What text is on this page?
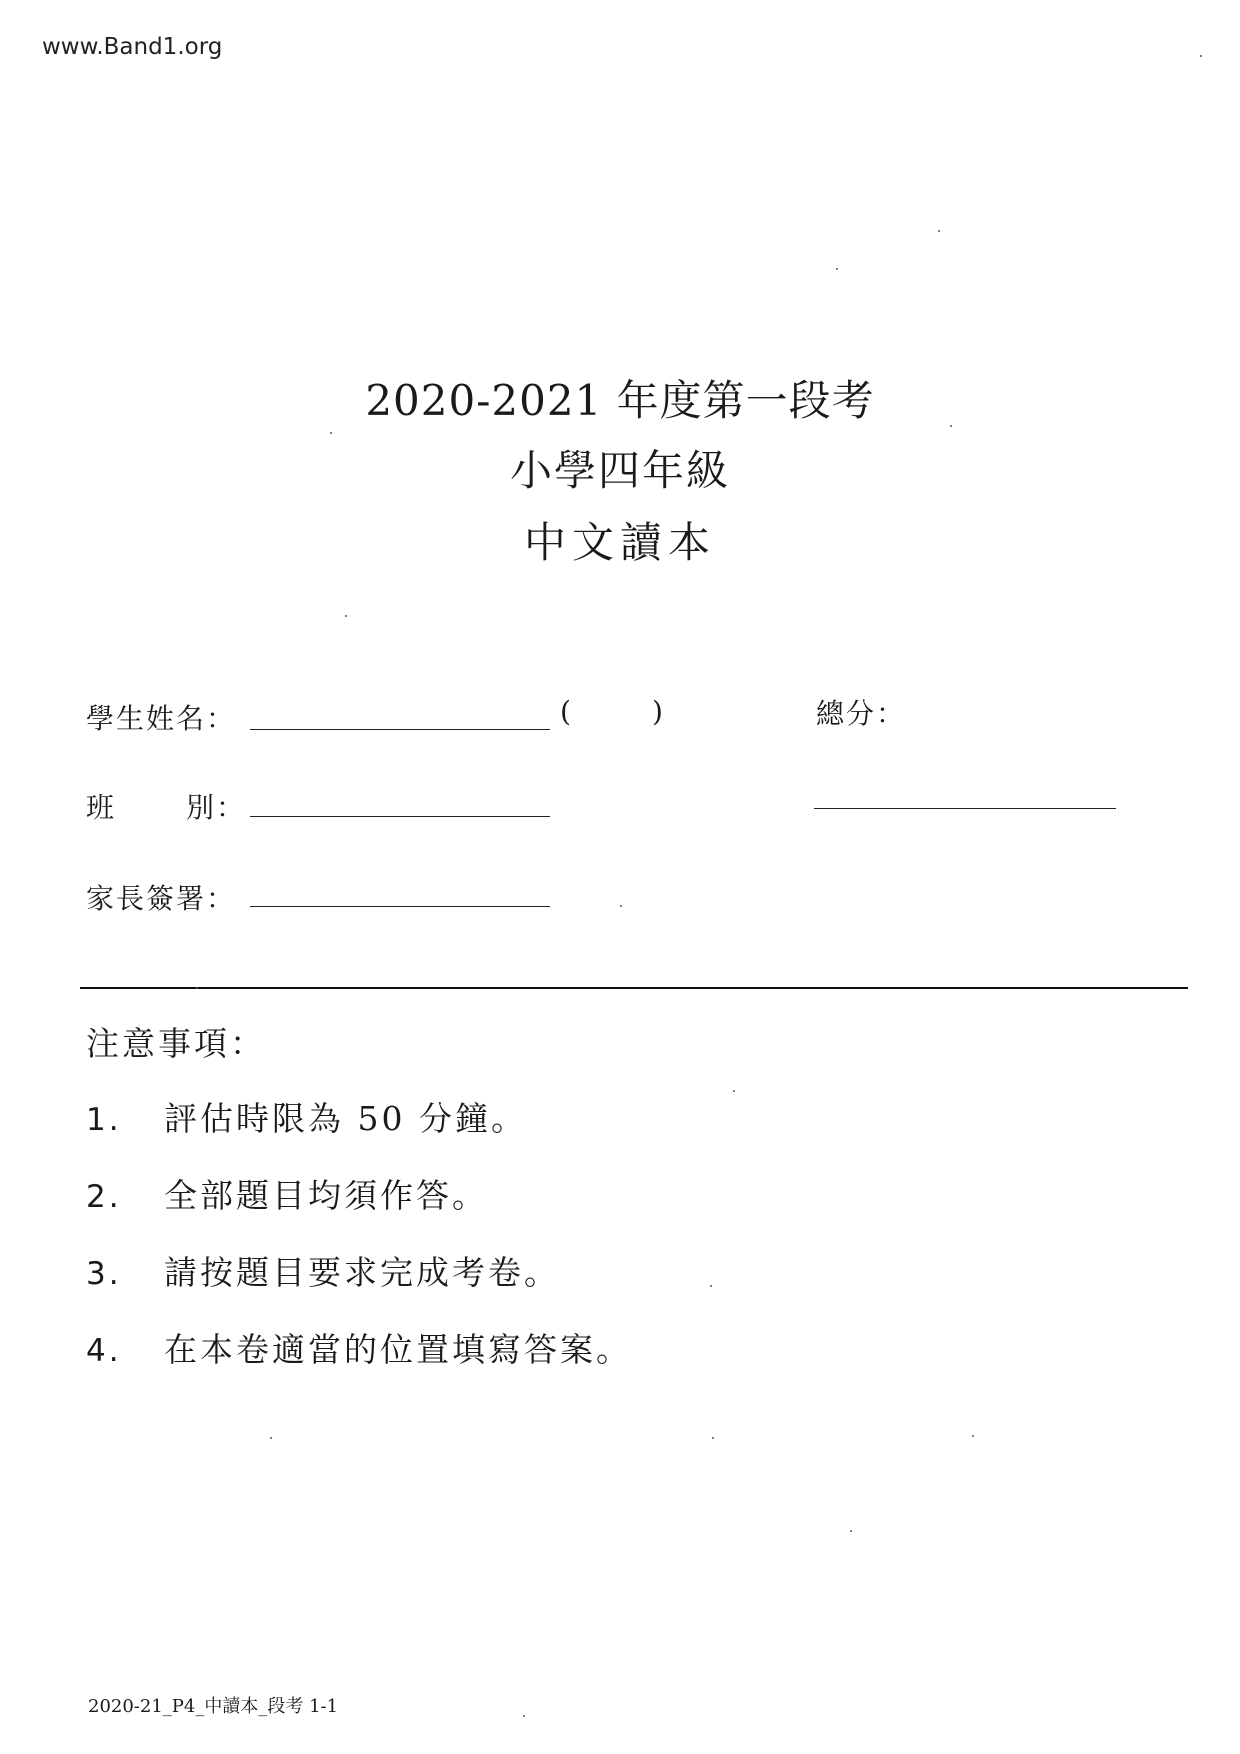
www.Band1.org
2020-2021 年度第一段考
小學四年級
中文讀本
學生姓名：	(	)	總分：
班 別：
家長簽署：
注意事項：
1. 評估時限為 50 分鐘。
2. 全部題目均須作答。
3. 請按題目要求完成考卷。
4. 在本卷適當的位置填寫答案。
2020-21_P4_中讀本_段考 1-1
